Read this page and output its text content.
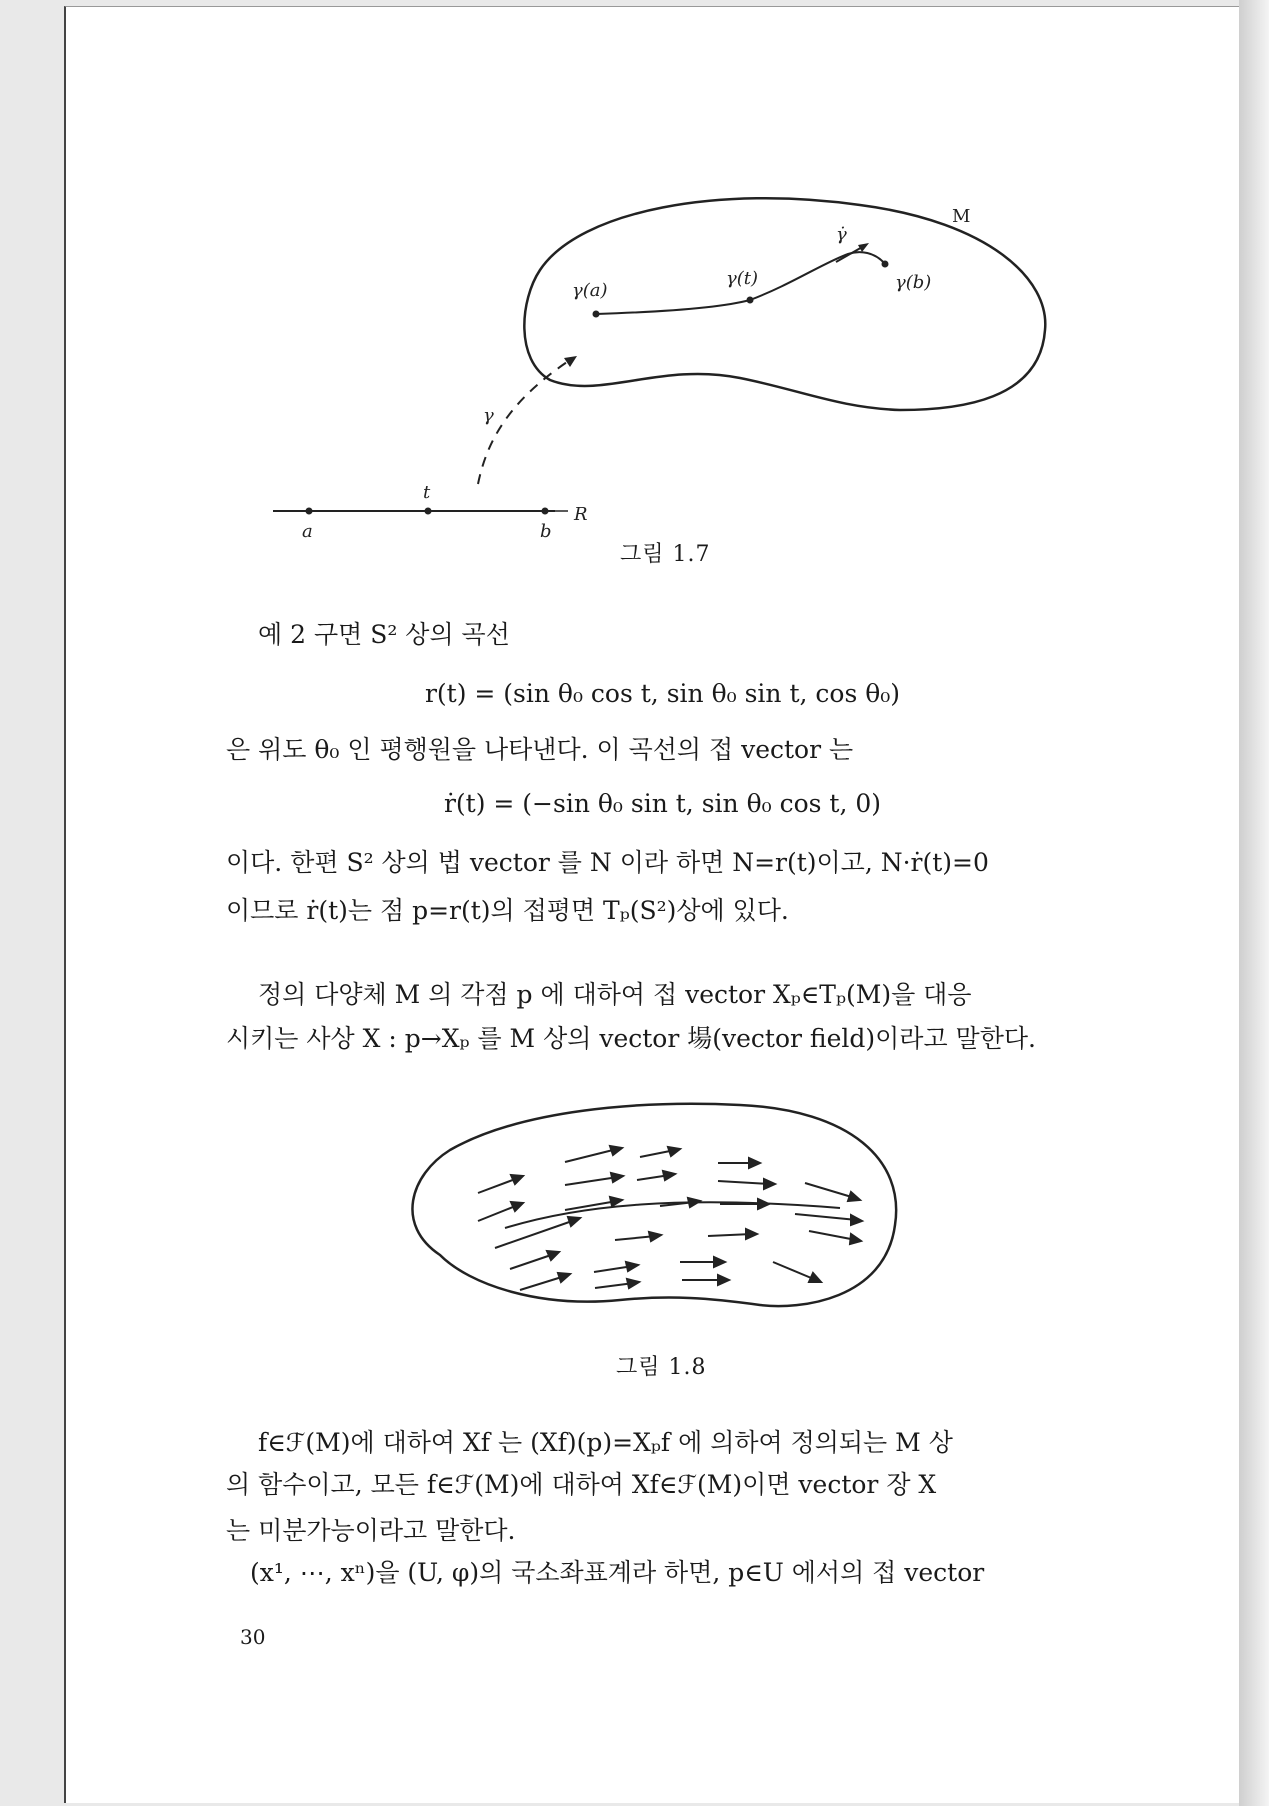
γ(a)
γ(t)	γ(b)
γ̇
M
γ
a
t
b
R
그림 1.7
예 2 구면 S² 상의 곡선
r(t) = (sin θ₀ cos t, sin θ₀ sin t, cos θ₀)
은 위도 θ₀ 인 평행원을 나타낸다. 이 곡선의 접 vector 는
ṙ(t) = (−sin θ₀ sin t, sin θ₀ cos t, 0)
이다. 한편 S² 상의 법 vector 를 N 이라 하면 N=r(t)이고, N·ṙ(t)=0
이므로 ṙ(t)는 점 p=r(t)의 접평면 Tₚ(S²)상에 있다.
정의 다양체 M 의 각점 p 에 대하여 접 vector Xₚ∈Tₚ(M)을 대응
시키는 사상 X : p→Xₚ 를 M 상의 vector 場(vector field)이라고 말한다.
그림 1.8
f∈ℱ(M)에 대하여 Xf 는 (Xf)(p)=Xₚf 에 의하여 정의되는 M 상
의 함수이고, 모든 f∈ℱ(M)에 대하여 Xf∈ℱ(M)이면 vector 장 X
는 미분가능이라고 말한다.
(x¹, ⋯, xⁿ)을 (U, φ)의 국소좌표계라 하면, p∈U 에서의 접 vector
30
